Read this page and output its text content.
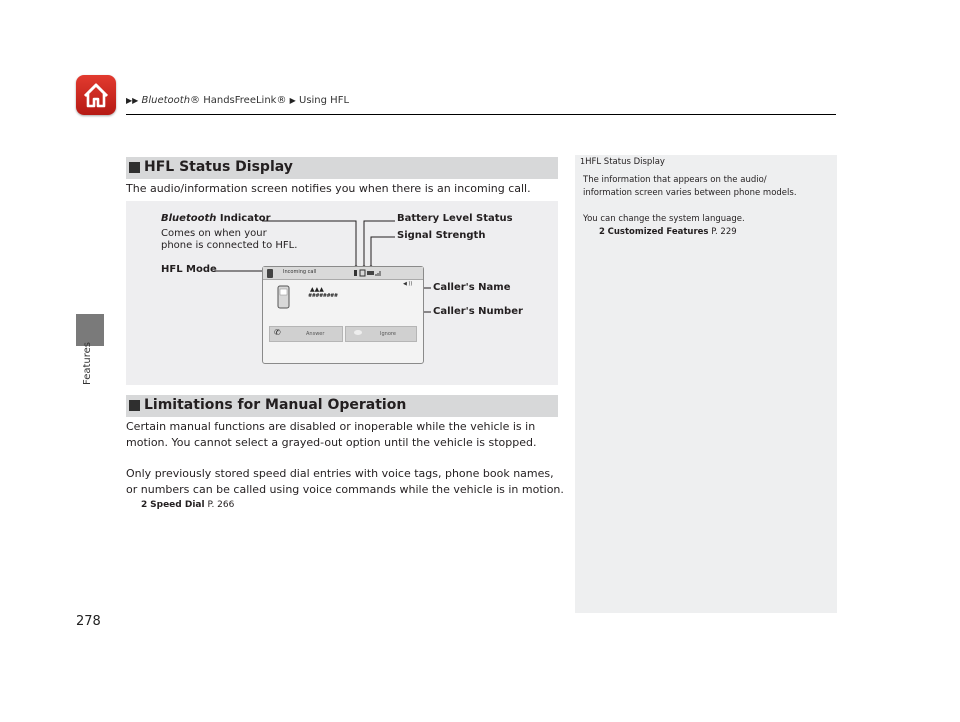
▶▶ Bluetooth® HandsFreeLink® ▶ Using HFL
Features
278
HFL Status Display
The audio/information screen notifies you when there is an incoming call.
Bluetooth Indicator
Comes on when your
phone is connected to HFL.
Battery Level Status
Signal Strength
HFL Mode
Caller's Name
Caller's Number
Incoming call
◀ ))
▲▲▲
########
✆	Answer	Ignore
Limitations for Manual Operation
Certain manual functions are disabled or inoperable while the vehicle is in motion. You cannot select a grayed-out option until the vehicle is stopped.
Only previously stored speed dial entries with voice tags, phone book names, or numbers can be called using voice commands while the vehicle is in motion.
2 Speed Dial P. 266
1HFL Status Display
The information that appears on the audio/
information screen varies between phone models.
You can change the system language.
2 Customized Features P. 229
